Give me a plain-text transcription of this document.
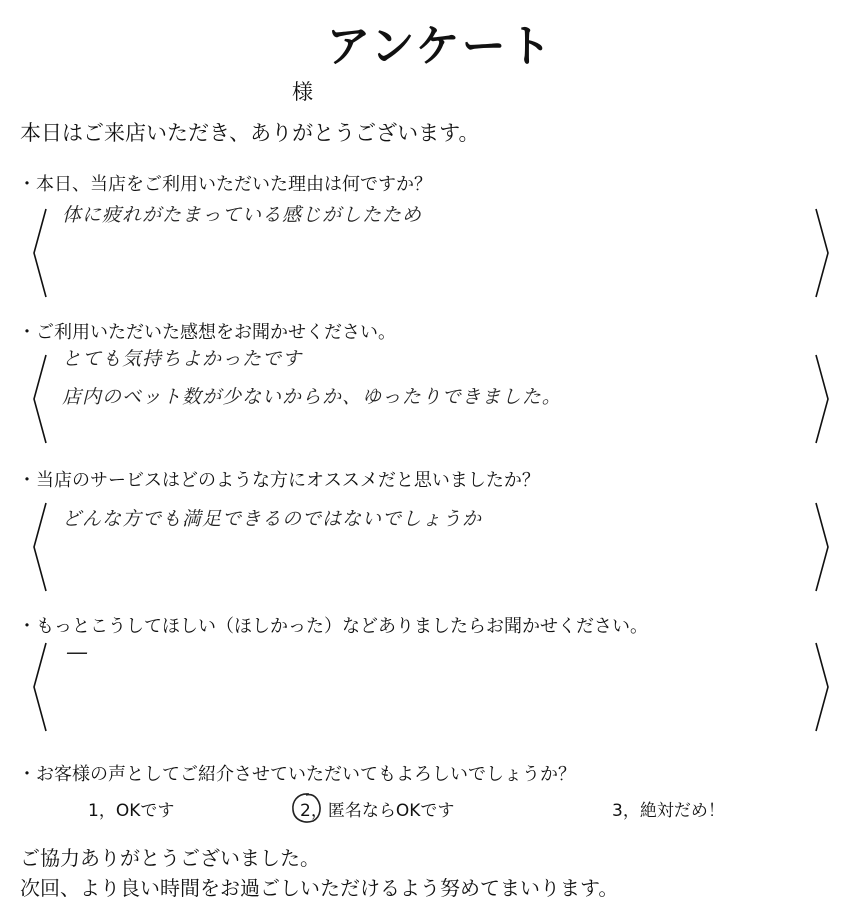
アンケート
様
本日はご来店いただき、ありがとうございます。
・本日、当店をご利用いただいた理由は何ですか？
体に疲れがたまっている感じがしたため
・ご利用いただいた感想をお聞かせください。
とても気持ちよかったです
店内のベット数が少ないからか、ゆったりできました。
・当店のサービスはどのような方にオススメだと思いましたか？
どんな方でも満足できるのではないでしょうか
・もっとこうしてほしい（ほしかった）などありましたらお聞かせください。
—
・お客様の声としてご紹介させていただいてもよろしいでしょうか？
1，OKです	2，匿名ならOKです	3，絶対だめ！
ご協力ありがとうございました。
次回、より良い時間をお過ごしいただけるよう努めてまいります。
